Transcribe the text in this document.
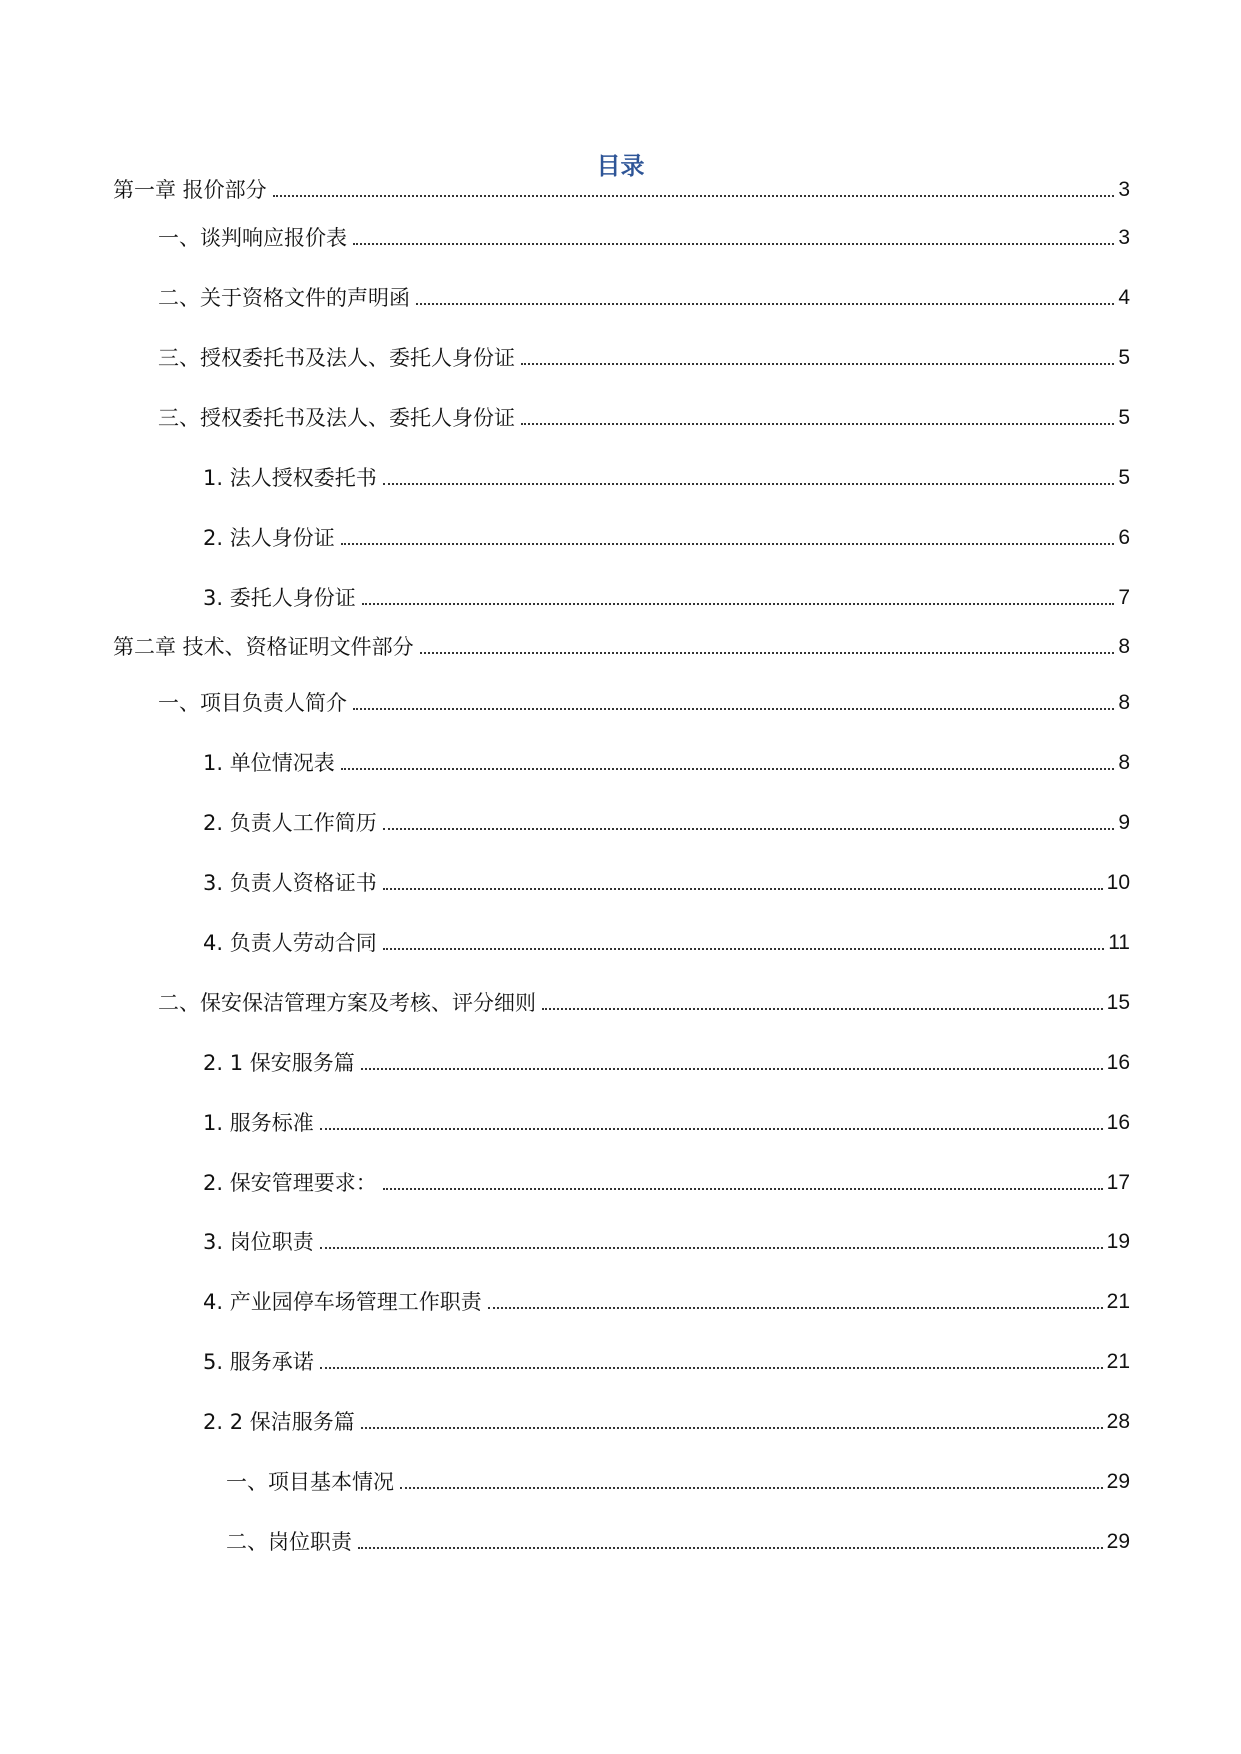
目录
第一章 报价部分	3
一、谈判响应报价表	3
二、关于资格文件的声明函	4
三、授权委托书及法人、委托人身份证	5
三、授权委托书及法人、委托人身份证	5
1. 法人授权委托书	5
2. 法人身份证	6
3. 委托人身份证	7
第二章 技术、资格证明文件部分	8
一、项目负责人简介	8
1. 单位情况表	8
2. 负责人工作简历	9
3. 负责人资格证书	10
4. 负责人劳动合同	11
二、保安保洁管理方案及考核、评分细则	15
2. 1 保安服务篇	16
1. 服务标准	16
2. 保安管理要求：	17
3. 岗位职责	19
4. 产业园停车场管理工作职责	21
5. 服务承诺	21
2. 2 保洁服务篇	28
一、项目基本情况	29
二、岗位职责	29
